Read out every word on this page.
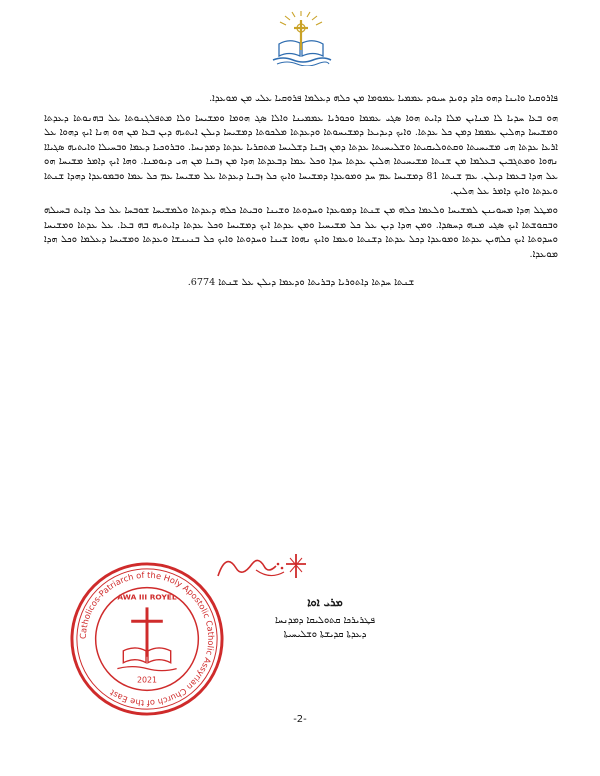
ܦܐܪܘܩܝܐ ܘܐܝܢܐ ܕܗܘ ܟܐܕ ܕܘܝܕ ܚܝܘܕ ܥܡܡܝܐ ܥܡܘܡܐ ܡܢ ܟܠܗ ܕܥܠܡܐ ܦܪܘܩܝܐ ܥܠܝ ܡܢ ܡܘܥܕܐ.

ܗܘ ܒܥܐ ܚܕܝܐ ܠܐ ܡܢܐܝܢ ܡܠܐ ܕܐܝܬ ܗܘܐ ܣܓܝ ܥܡܡܐ ܘܟܘܪܝܐ ܥܡܡܝܢܐ ܘܐܠܐ ܣܓ ܗܘܡܐ ܘܡܫܝܚܐ ܘܠܐ ܡܬܦܠܓܢܘܬܐ ܥܠ ܒܗܢܘܬܐ ܕܥܕܬܐ ܘܡܫܝܚܐ ܕܗܠܝܢ ܥܡܡܐ ܕܡܢ ܟܠ ܥܕܬܐ. ܘܐܝܟ ܕܝܕܝܥܐ ܕܡܫܝܚܘܬܐ ܘܕܥܕܬܐ ܡܠܟܘܬܐ ܕܡܫܝܚܐ ܕܝܠܢ ܐܝܬܝܗ ܕܝܢ ܒܥܐ ܡܢ ܗܘ ܗܢܐ ܐܝܟ ܕܗܘܐ ܥܠ ܐܪܥܐ ܥܕܬܐ ܗܝ ܡܫܝܚܝܬܐ ܘܩܬܘܠܝܩܝܬܐ ܘܫܠܝܚܝܬܐ ܥܕܬܐ ܕܡܢ ܙܒܢܐ ܕܫܠܝܚܐ ܡܬܩܪܝܐ ܥܕܬܐ ܕܡܕܢܚܐ. ܘܒܪܘܟܝܐ ܕܥܡܐ ܘܒܚܝܠܐ ܘܐܝܬܝܗ ܣܓܝܐܐ ܢܗܘܐ ܘܡܬܓܒܝܢ ܒܥܠܡܐ ܡܢ ܫܢܬܐ ܡܫܝܚܝܬܐ ܗܠܝܢ ܥܕܬܐ ܚܕܐ ܘܟܠ ܥܡܐ ܕܒܥܕܬܐ ܗܕܐ ܡܢ ܙܒܢܐ ܡܢ ܗܝ ܕܝܘܡܢܐ. ܘܗܐ ܐܝܟ ܕܐܡܪ ܡܫܝܚܐ ܗܘ ܥܠ ܗܕܐ ܒܥܡܐ ܕܝܠܢ. ܥܡ ܫܢܬܐ 81 ܕܡܫܝܚܐ ܥܡ ܚܕ ܘܡܘܥܕܐ ܕܡܫܝܚܐ ܘܐܝܟ ܟܠ ܙܒܢܐ ܕܥܕܬܐ ܥܠ ܡܫܝܚܐ ܥܡ ܟܠ ܥܡܐ ܘܒܡܘܥܕܐ ܕܗܕܐ ܫܢܬܐ ܘܥܕܬܐ ܘܐܝܟ ܕܐܡܪ ܥܠ ܗܠܝܢ.

ܘܡܛܠ ܗܕܐ ܡܚܘܝܢܢ ܠܡܫܝܚܐ ܘܠܥܡܐ ܟܠܗ ܡܢ ܫܢܬܐ ܕܡܘܥܕܐ ܘܚܕܘܬܐ ܘܫܝܢܐ ܘܒܝܬܐ ܟܠܗ ܕܥܕܬܐ ܘܠܡܫܝܚܐ ܫܘܒܚܐ ܥܠ ܟܠ ܕܐܝܬ ܒܚܝܠܗ ܘܒܩܘܫܬܐ ܐܝܟ ܣܓܝ ܡܢܗ ܕܚܣܕܐ. ܘܡܢ ܗܕܐ ܕܝܢ ܥܠ ܟܠ ܡܫܝܚܝܐ ܘܡܢ ܥܕܬܐ ܐܝܟ ܕܡܫܝܚܐ ܘܟܠ ܥܕܬܐ ܕܐܝܬܝܗ ܒܗ ܒܥܐ. ܥܠ ܥܕܬܐ ܘܡܫܝܚܐ ܘܚܕܘܬܐ ܐܝܟ ܟܠܗܝܢ ܥܕܬܐ ܘܡܘܥܕܐ ܕܟܠ ܥܕܬܐ ܕܫܢܬܐ ܘܥܡܐ ܘܐܝܟ ܢܗܘܐ ܫܝܢܐ ܘܚܕܘܬܐ ܘܐܝܟ ܟܠ ܒܢܝܢܫܐ ܘܥܕܬܐ ܘܡܫܝܚܐ ܕܥܠܡܐ ܘܟܠ ܗܕܐ ܡܘܥܕܐ.

ܫܢܬܐ ܚܕܬܐ ܕܐܬܘܪܝܐ ܕܒܪܝܬܐ ܘܕܥܡܐ ܕܝܠܢ ܥܠ ܫܢܬܐ 6774.

Catholicos-Patriarch of the Holy Apostolic Catholic Assyrian Church of the East
AWA III ROYEL
2021

ܡܪܝ ܐܘܐ

ܦܛܪܝܪܟܐ ܩܬܘܠܝܩܐ ܕܡܕܢܚܐ

ܕܥܕܬܐ ܩܕܝܫܬܐ ܘܫܠܝܚܝܬܐ

-2-
